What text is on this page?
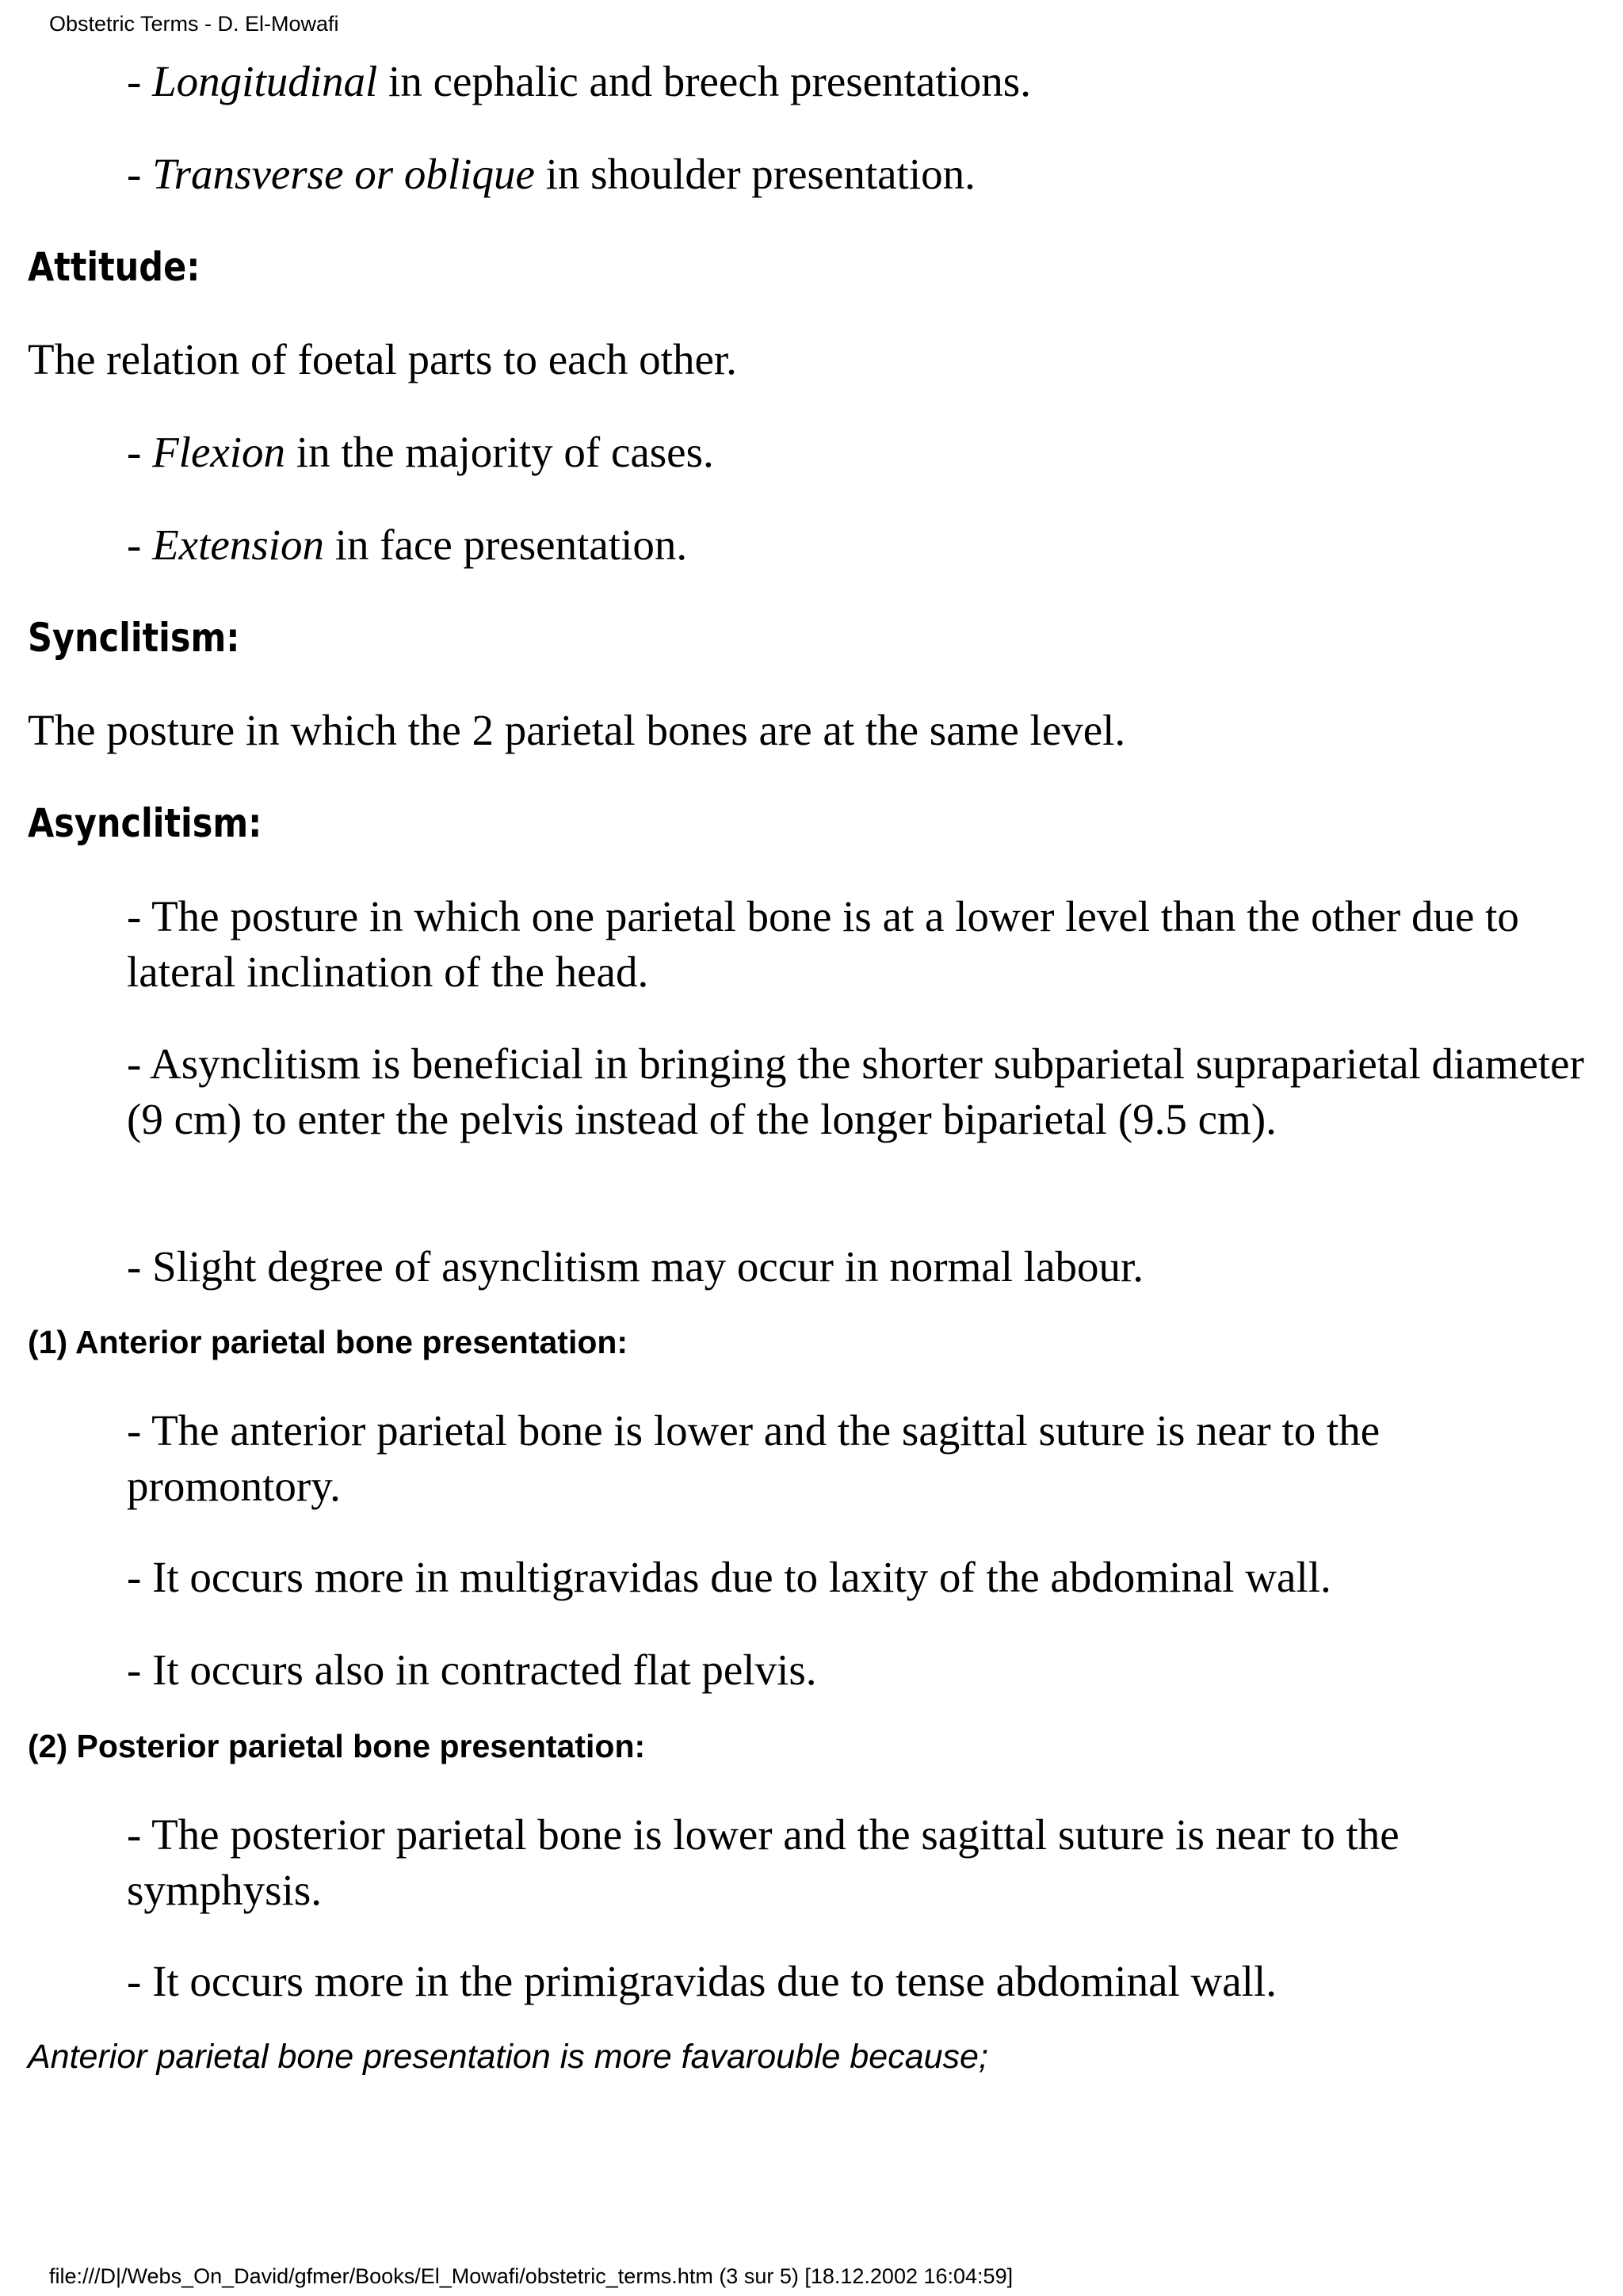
Obstetric Terms - D. El-Mowafi
- Longitudinal in cephalic and breech presentations.
- Transverse or oblique in shoulder presentation.
Attitude:
The relation of foetal parts to each other.
- Flexion in the majority of cases.
- Extension in face presentation.
Synclitism:
The posture in which the 2 parietal bones are at the same level.
Asynclitism:
- The posture in which one parietal bone is at a lower level than the other due to lateral inclination of the head.
- Asynclitism is beneficial in bringing the shorter subparietal supraparietal diameter (9 cm) to enter the pelvis instead of the longer biparietal (9.5 cm).
- Slight degree of asynclitism may occur in normal labour.
(1) Anterior parietal bone presentation:
- The anterior parietal bone is lower and the sagittal suture is near to the promontory.
- It occurs more in multigravidas due to laxity of the abdominal wall.
- It occurs also in contracted flat pelvis.
(2) Posterior parietal bone presentation:
- The posterior parietal bone is lower and the sagittal suture is near to the symphysis.
- It occurs more in the primigravidas due to tense abdominal wall.
Anterior parietal bone presentation is more favarouble because;
file:///D|/Webs_On_David/gfmer/Books/El_Mowafi/obstetric_terms.htm (3 sur 5) [18.12.2002 16:04:59]
